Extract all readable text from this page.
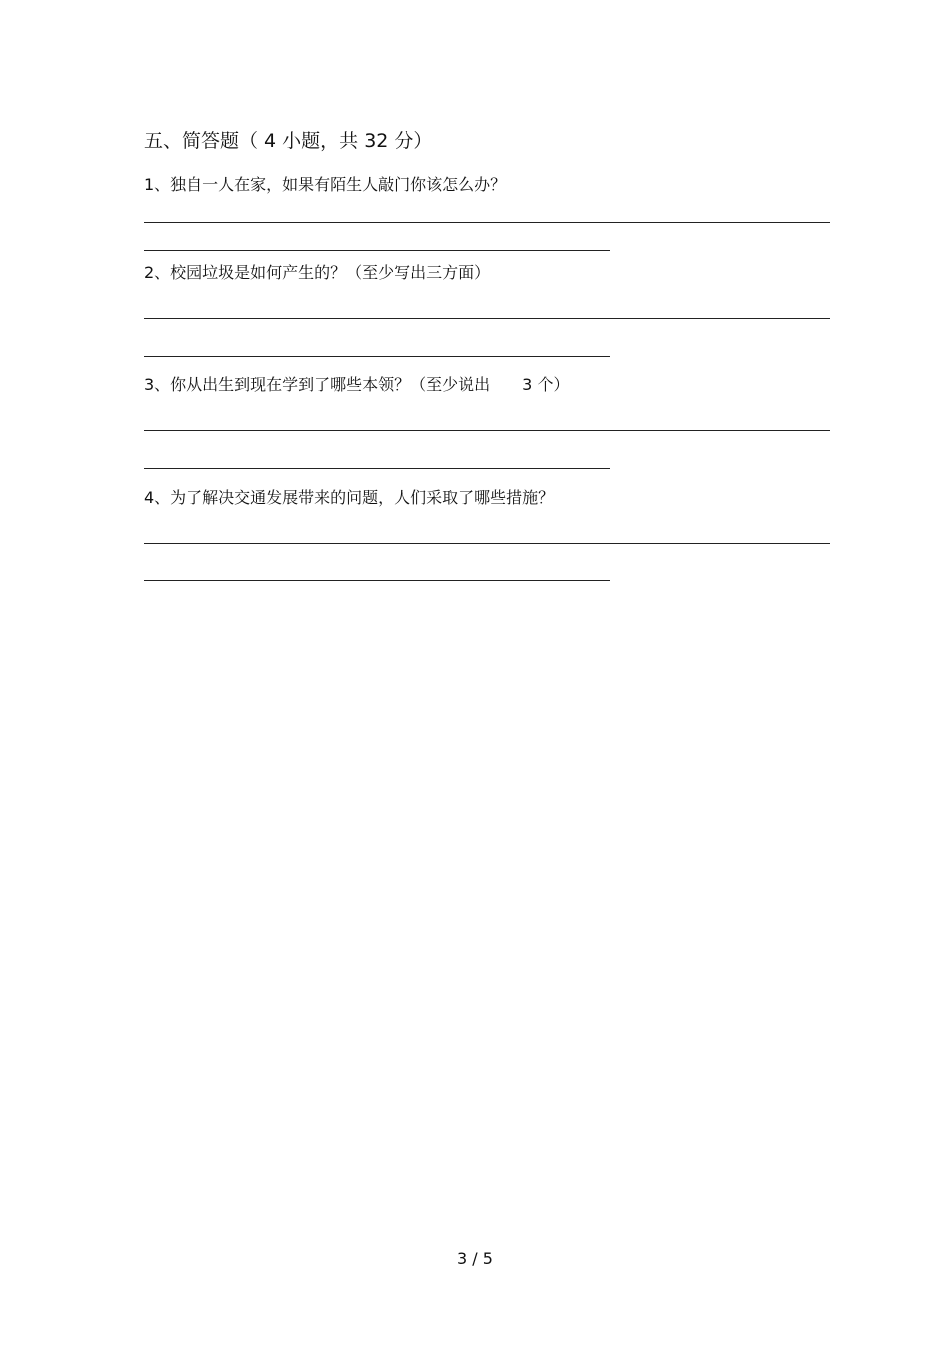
五、简答题（ 4 小题，共 32 分）
1、独自一人在家，如果有陌生人敲门你该怎么办？
2、校园垃圾是如何产生的？（至少写出三方面）
3、你从出生到现在学到了哪些本领？（至少说出　　3 个）
4、为了解决交通发展带来的问题，人们采取了哪些措施？
3 / 5
